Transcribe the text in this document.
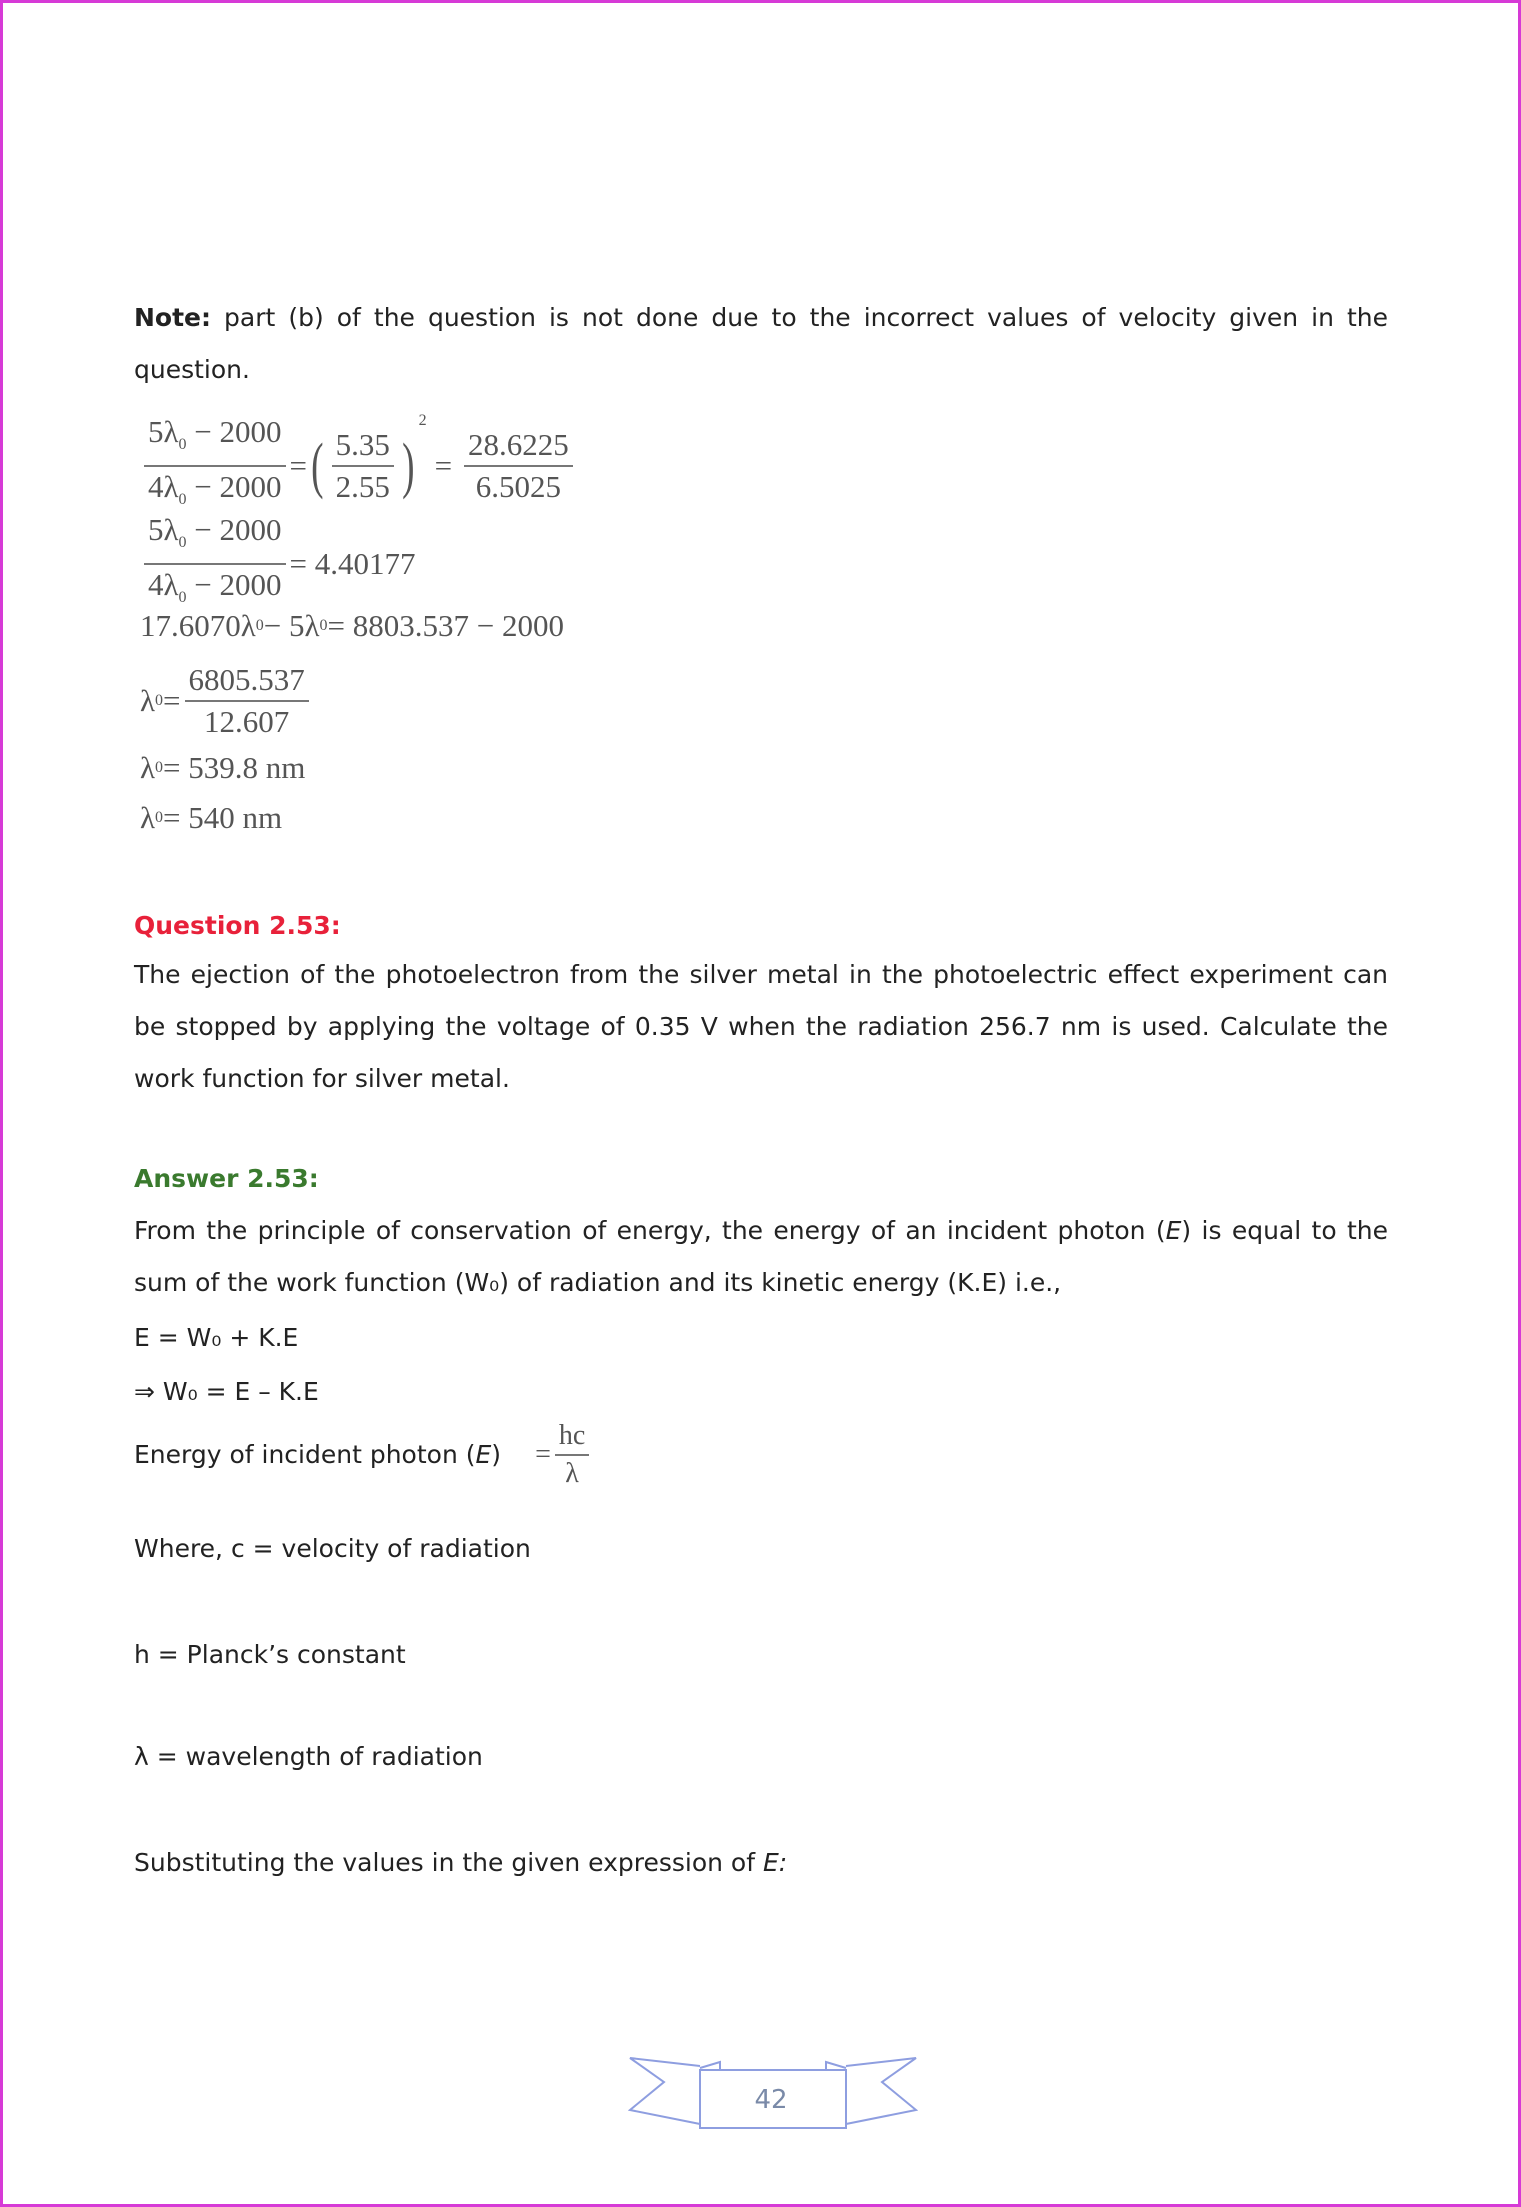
Note: part (b) of the question is not done due to the incorrect values of velocity given in the question.
$\frac{5\lambda_0 - 2000}{4\lambda_0 - 2000}$ = ( $\frac{5.35}{2.55}$ )
2
= $\frac{28.6225}{6.5025}$
$\frac{5\lambda_0 - 2000}{4\lambda_0 - 2000} = 4.40177$
17.6070λ 0 − 5λ 0 = 8803.537 − 2000
λ $0 = \frac{6805.537}{12.607}$
λ 0 = 539.8 nm
λ 0 = 540 nm
Question 2.53:
The ejection of the photoelectron from the silver metal in the photoelectric effect experiment can be stopped by applying the voltage of 0.35 V when the radiation 256.7 nm is used. Calculate the work function for silver metal.
Answer 2.53:
From the principle of conservation of energy, the energy of an incident photon (E) is equal to the sum of the work function (W₀) of radiation and its kinetic energy (K.E) i.e.,
E = W₀ + K.E
⇒ W₀ = E – K.E
Energy of incident photon ( E ) = $\frac{hc}{\lambda}$
Where, c = velocity of radiation
h = Planck’s constant
λ = wavelength of radiation
Substituting the values in the given expression of E:
42
